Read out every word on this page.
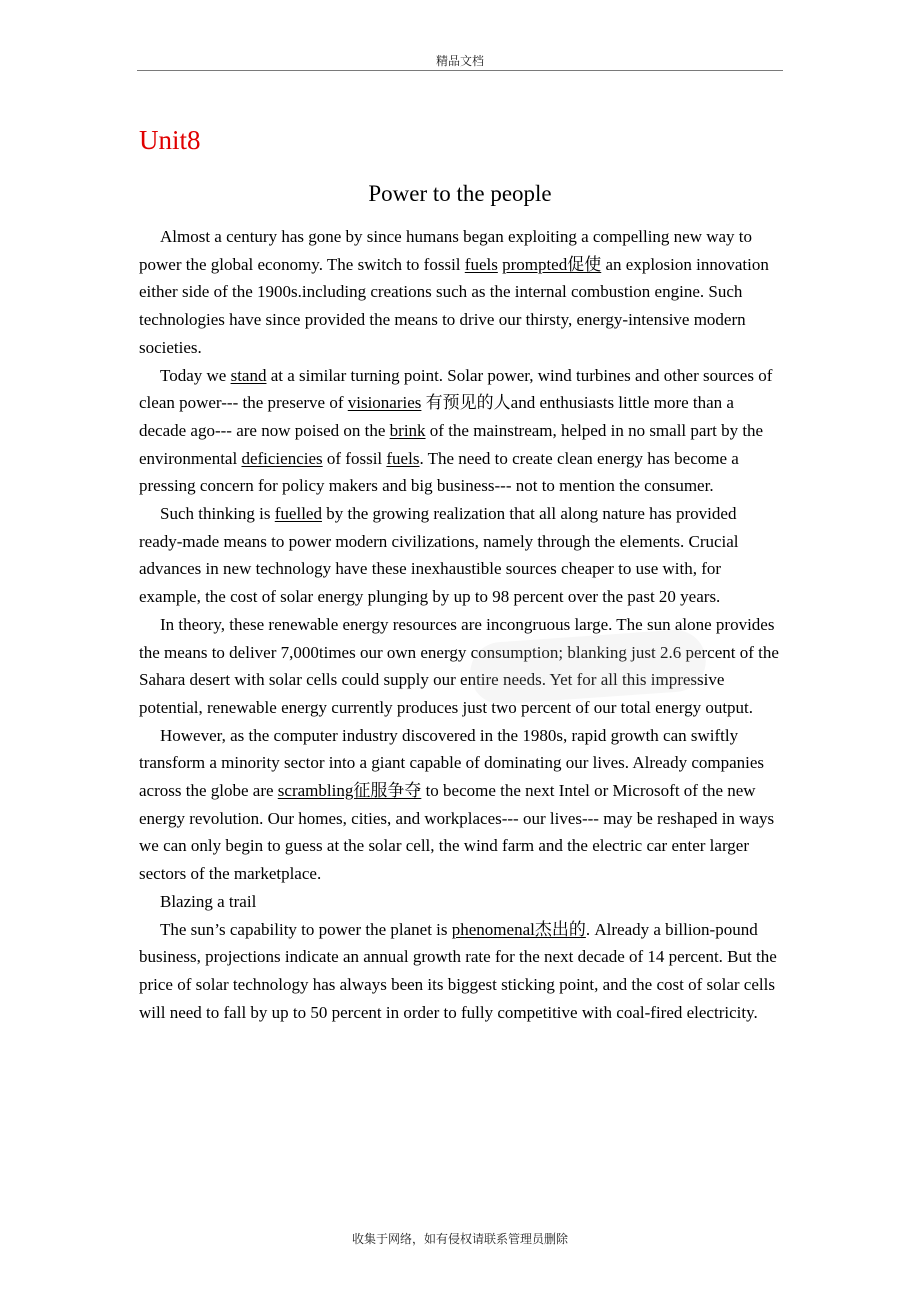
精品文档
Unit8
Power to the people

Almost a century has gone by since humans began exploiting a compelling new way to power the global economy. The switch to fossil fuels prompted促使 an explosion innovation either side of the 1900s.including creations such as the internal combustion engine. Such technologies have since provided the means to drive our thirsty, energy-intensive modern societies.

Today we stand at a similar turning point. Solar power, wind turbines and other sources of clean power--- the preserve of visionaries 有预见的人and enthusiasts little more than a decade ago--- are now poised on the brink of the mainstream, helped in no small part by the environmental deficiencies of fossil fuels. The need to create clean energy has become a pressing concern for policy makers and big business--- not to mention the consumer.

Such thinking is fuelled by the growing realization that all along nature has provided ready-made means to power modern civilizations, namely through the elements. Crucial advances in new technology have these inexhaustible sources cheaper to use with, for example, the cost of solar energy plunging by up to 98 percent over the past 20 years.

In theory, these renewable energy resources are incongruous large. The sun alone provides the means to deliver 7,000times our own energy consumption; blanking just 2.6 percent of the Sahara desert with solar cells could supply our entire needs. Yet for all this impressive potential, renewable energy currently produces just two percent of our total energy output.

However, as the computer industry discovered in the 1980s, rapid growth can swiftly transform a minority sector into a giant capable of dominating our lives. Already companies across the globe are scrambling征服争夺 to become the next Intel or Microsoft of the new energy revolution. Our homes, cities, and workplaces--- our lives--- may be reshaped in ways we can only begin to guess at the solar cell, the wind farm and the electric car enter larger sectors of the marketplace.

Blazing a trail

The sun’s capability to power the planet is phenomenal杰出的. Already a billion-pound business, projections indicate an annual growth rate for the next decade of 14 percent. But the price of solar technology has always been its biggest sticking point, and the cost of solar cells will need to fall by up to 50 percent in order to fully competitive with coal-fired electricity.

收集于网络，如有侵权请联系管理员删除
